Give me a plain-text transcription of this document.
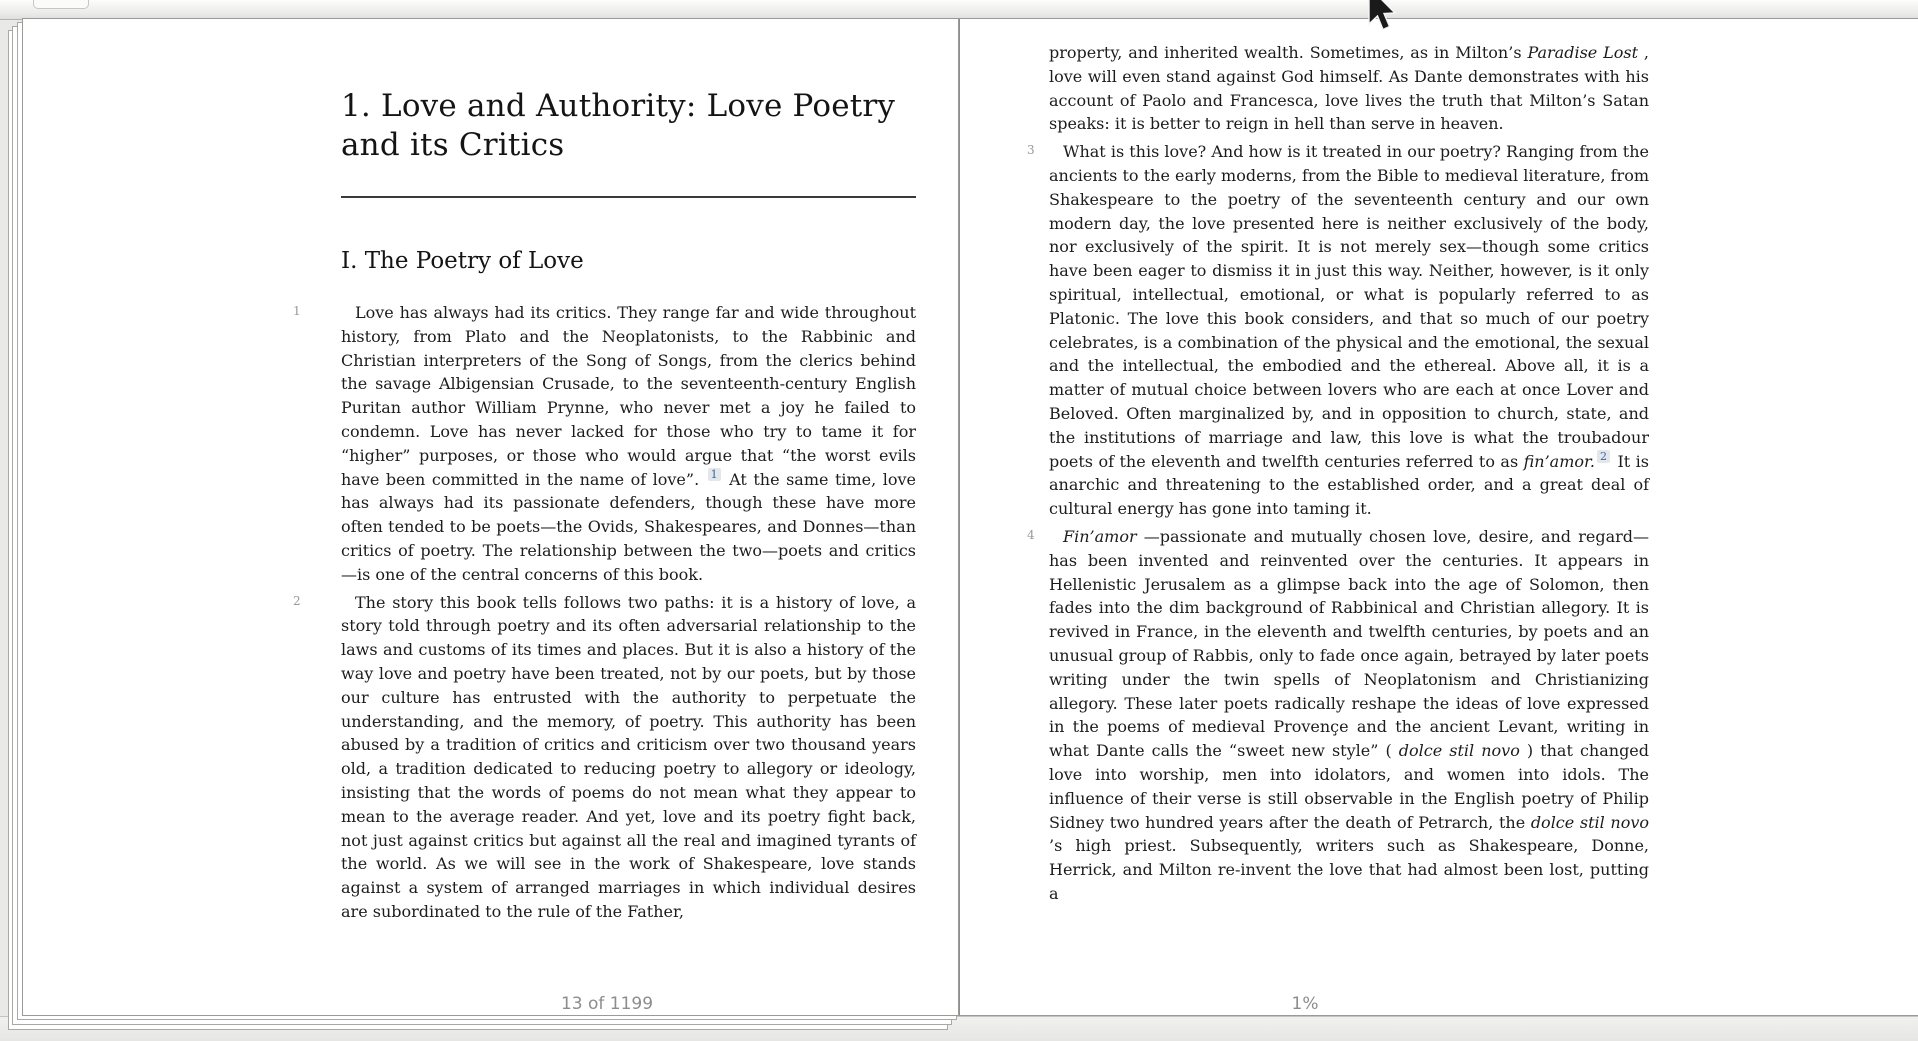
1. Love and Authority: Love Poetry and its Critics
I. The Poetry of Love
1	Love has always had its critics. They range far and wide throughout history, from Plato and the Neoplatonists, to the Rabbinic and Christian interpreters of the Song of Songs, from the clerics behind the savage Albigensian Crusade, to the seventeenth-century English Puritan author William Prynne, who never met a joy he failed to condemn. Love has never lacked for those who try to tame it for “higher” purposes, or those who would argue that “the worst evils have been committed in the name of love”. $^1$ At the same time, love has always had its passionate defenders, though these have more often tended to be poets—the Ovids, Shakespeares, and Donnes—than critics of poetry. The relationship between the two—poets and critics—is one of the central concerns of this book.
2	The story this book tells follows two paths: it is a history of love, a story told through poetry and its often adversarial relationship to the laws and customs of its times and places. But it is also a history of the way love and poetry have been treated, not by our poets, but by those our culture has entrusted with the authority to perpetuate the understanding, and the memory, of poetry. This authority has been abused by a tradition of critics and criticism over two thousand years old, a tradition dedicated to reducing poetry to allegory or ideology, insisting that the words of poems do not mean what they appear to mean to the average reader. And yet, love and its poetry fight back, not just against critics but against all the real and imagined tyrants of the world. As we will see in the work of Shakespeare, love stands against a system of arranged marriages in which individual desires are subordinated to the rule of the Father,
13 of 1199
property, and inherited wealth. Sometimes, as in Milton’s Paradise Lost , love will even stand against God himself. As Dante demonstrates with his account of Paolo and Francesca, love lives the truth that Milton’s Satan speaks: it is better to reign in hell than serve in heaven.
3 What is this love? And how is it treated in our poetry? Ranging from the ancients to the early moderns, from the Bible to medieval literature, from Shakespeare to the poetry of the seventeenth century and our own modern day, the love presented here is neither exclusively of the body, nor exclusively of the spirit. It is not merely sex—though some critics have been eager to dismiss it in just this way. Neither, however, is it only spiritual, intellectual, emotional, or what is popularly referred to as Platonic. The love this book considers, and that so much of our poetry celebrates, is a combination of the physical and the emotional, the sexual and the intellectual, the embodied and the ethereal. Above all, it is a matter of mutual choice between lovers who are each at once Lover and Beloved. Often marginalized by, and in opposition to church, state, and the institutions of marriage and law, this love is what the troubadour poets of the eleventh and twelfth centuries referred to as fin’amor. $^2$ It is anarchic and threatening to the established order, and a great deal of cultural energy has gone into taming it.
4 Fin’amor —passionate and mutually chosen love, desire, and regard—has been invented and reinvented over the centuries. It appears in Hellenistic Jerusalem as a glimpse back into the age of Solomon, then fades into the dim background of Rabbinical and Christian allegory. It is revived in France, in the eleventh and twelfth centuries, by poets and an unusual group of Rabbis, only to fade once again, betrayed by later poets writing under the twin spells of Neoplatonism and Christianizing allegory. These later poets radically reshape the ideas of love expressed in the poems of medieval Provençe and the ancient Levant, writing in what Dante calls the “sweet new style” ( dolce stil novo ) that changed love into worship, men into idolators, and women into idols. The influence of their verse is still observable in the English poetry of Philip Sidney two hundred years after the death of Petrarch, the dolce stil novo ’s high priest. Subsequently, writers such as Shakespeare, Donne, Herrick, and Milton re-invent the love that had almost been lost, putting a
1%
